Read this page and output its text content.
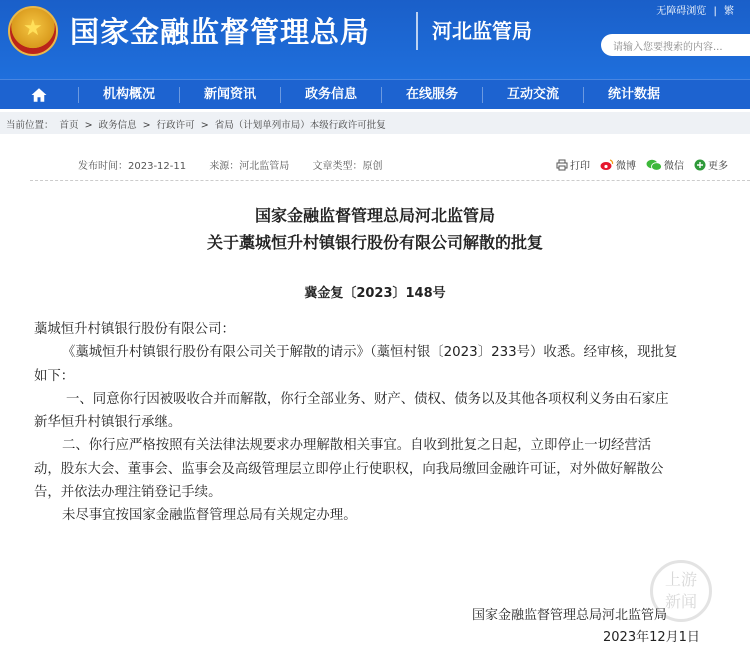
★ 国家金融监督管理总局	河北监管局
无障碍浏览 | 繁
请输入您要搜索的内容...
机构概况	新闻资讯	政务信息	在线服务	互动交流	统计数据
当前位置： 首页 > 政务信息 > 行政许可 > 省局（计划单列市局）本级行政许可批复
发布时间：2023-12-11 来源：河北监管局 文章类型：原创	打印	微博	微信 更多
国家金融监督管理总局河北监管局
关于藁城恒升村镇银行股份有限公司解散的批复
冀金复〔2023〕148号

藁城恒升村镇银行股份有限公司：

《藁城恒升村镇银行股份有限公司关于解散的请示》（藁恒村银〔2023〕233号）收悉。经审核，现批复

如下：

一、同意你行因被吸收合并而解散，你行全部业务、财产、债权、债务以及其他各项权利义务由石家庄

新华恒升村镇银行承继。

二、你行应严格按照有关法律法规要求办理解散相关事宜。自收到批复之日起，立即停止一切经营活

动，股东大会、董事会、监事会及高级管理层立即停止行使职权，向我局缴回金融许可证，对外做好解散公

告，并依法办理注销登记手续。

未尽事宜按国家金融监督管理总局有关规定办理。

上游
新闻
国家金融监督管理总局河北监管局
2023年12月1日
